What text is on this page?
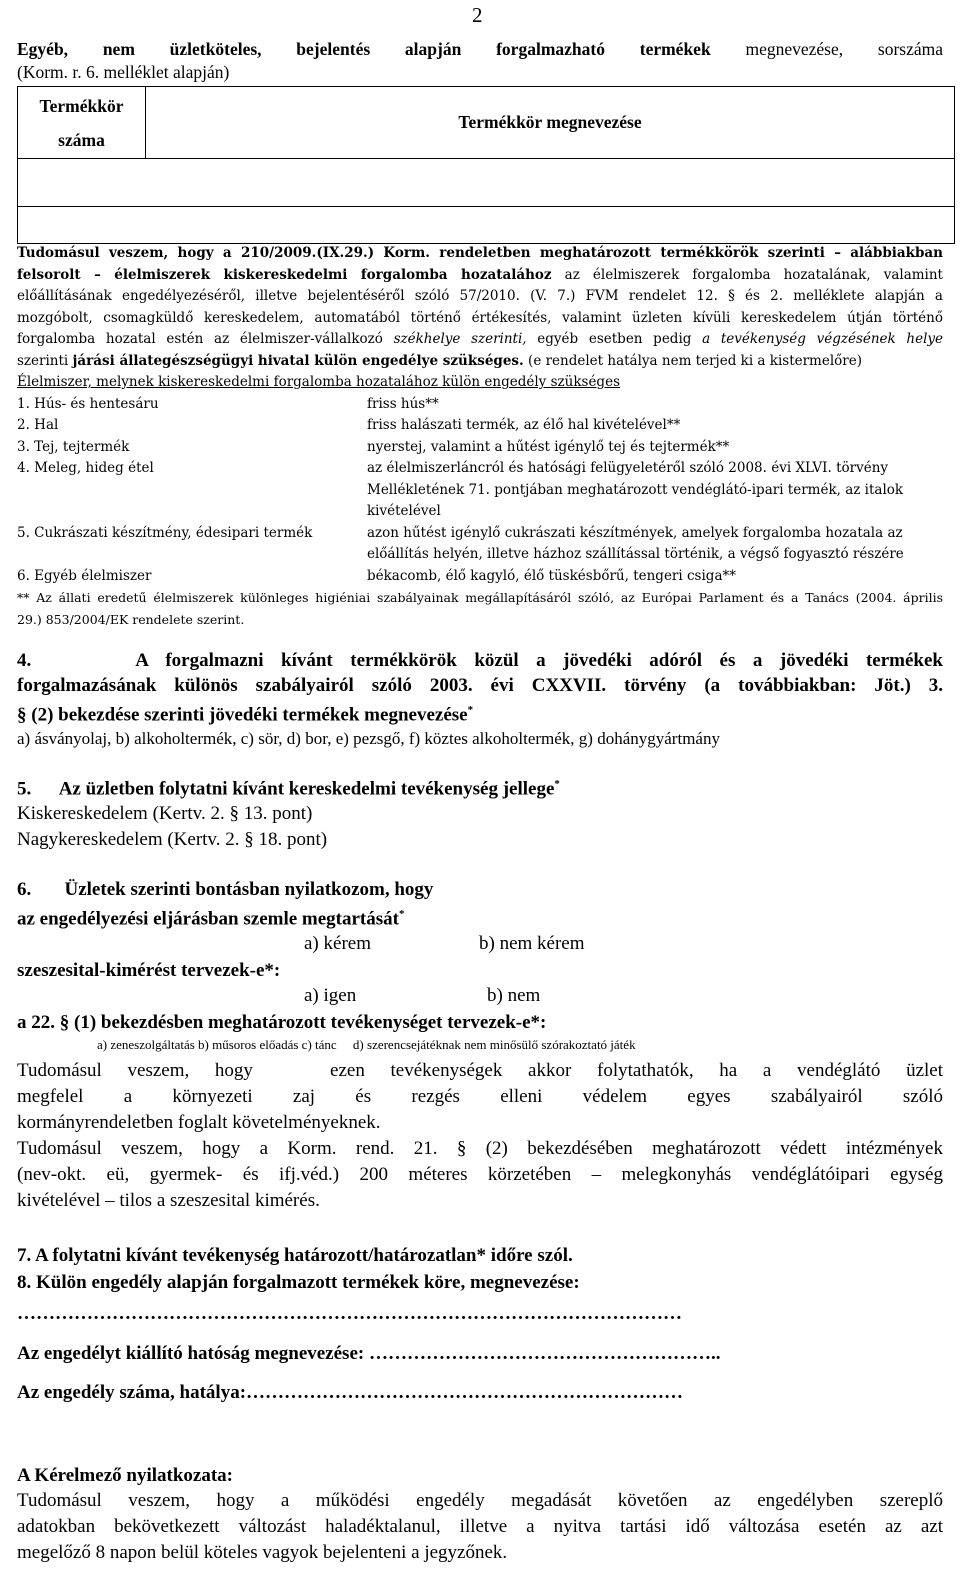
2

Egyéb, nem üzletköteles, bejelentés alapján forgalmazható termékek megnevezése, sorszáma

(Korm. r. 6. melléklet alapján)

Termékkör
száma	Termékkör megnevezése

Tudomásul veszem, hogy a 210/2009.(IX.29.) Korm. rendeletben meghatározott termékkörök szerinti – alábbiakban

felsorolt – élelmiszerek kiskereskedelmi forgalomba hozatalához az élelmiszerek forgalomba hozatalának, valamint

előállításának engedélyezéséről, illetve bejelentéséről szóló 57/2010. (V. 7.) FVM rendelet 12. § és 2. melléklete alapján a

mozgóbolt, csomagküldő kereskedelem, automatából történő értékesítés, valamint üzleten kívüli kereskedelem útján történő

forgalomba hozatal estén az élelmiszer-vállalkozó székhelye szerinti, egyéb esetben pedig a tevékenység végzésének helye

szerinti járási állategészségügyi hivatal külön engedélye szükséges. (e rendelet hatálya nem terjed ki a kistermelőre)

Élelmiszer, melynek kiskereskedelmi forgalomba hozatalához külön engedély szükséges

1. Hús- és hentesáru	friss hús**
2. Hal	friss halászati termék, az élő hal kivételével**
3. Tej, tejtermék	nyerstej, valamint a hűtést igénylő tej és tejtermék**
4. Meleg, hideg étel	az élelmiszerláncról és hatósági felügyeletéről szóló 2008. évi XLVI. törvény
Mellékletének 71. pontjában meghatározott vendéglátó-ipari termék, az italok
kivételével
5. Cukrászati készítmény, édesipari termék	azon hűtést igénylő cukrászati készítmények, amelyek forgalomba hozatala az
előállítás helyén, illetve házhoz szállítással történik, a végső fogyasztó részére
6. Egyéb élelmiszer	békacomb, élő kagyló, élő tüskésbőrű, tengeri csiga**

** Az állati eredetű élelmiszerek különleges higiéniai szabályainak megállapításáról szóló, az Európai Parlament és a Tanács (2004. április

29.) 853/2004/EK rendelete szerint.

4.	A forgalmazni kívánt termékkörök közül a jövedéki adóról és a jövedéki termékek

forgalmazásának különös szabályairól szóló 2003. évi CXXVII. törvény (a továbbiakban: Jöt.) 3.

§ (2) bekezdése szerinti jövedéki termékek megnevezése*

a) ásványolaj, b) alkoholtermék, c) sör, d) bor, e) pezsgő, f) köztes alkoholtermék, g) dohánygyártmány

5. Az üzletben folytatni kívánt kereskedelmi tevékenység jellege*

Kiskereskedelem (Kertv. 2. § 13. pont)

Nagykereskedelem (Kertv. 2. § 18. pont)

6. Üzletek szerinti bontásban nyilatkozom, hogy

az engedélyezési eljárásban szemle megtartását*

a) kérem	b) nem kérem

szeszesital-kimérést tervezek-e*:

a) igen	b) nem

a 22. § (1) bekezdésben meghatározott tevékenységet tervezek-e*:

a) zeneszolgáltatás b) műsoros előadás c) tánc     d) szerencsejátéknak nem minősülő szórakoztató játék

Tudomásul veszem, hogy   ezen tevékenységek akkor folytathatók, ha a vendéglátó üzlet

megfelel a környezeti zaj és rezgés elleni védelem egyes szabályairól szóló

kormányrendeletben foglalt követelményeknek.

Tudomásul veszem, hogy a Korm. rend. 21. § (2) bekezdésében meghatározott védett intézmények

(nev-okt. eü, gyermek- és ifj.véd.) 200 méteres körzetében – melegkonyhás vendéglátóipari egység

kivételével – tilos a szeszesital kimérés.

7. A folytatni kívánt tevékenység határozott/határozatlan* időre szól.

8. Külön engedély alapján forgalmazott termékek köre, megnevezése:

……………………………………………………………………………………………

Az engedélyt kiállító hatóság megnevezése: ………………………………………………..

Az engedély száma, hatálya:……………………………………………………………

A Kérelmező nyilatkozata:

Tudomásul veszem, hogy a működési engedély megadását követően az engedélyben szereplő

adatokban bekövetkezett változást haladéktalanul, illetve a nyitva tartási idő változása esetén az azt

megelőző 8 napon belül köteles vagyok bejelenteni a jegyzőnek.
